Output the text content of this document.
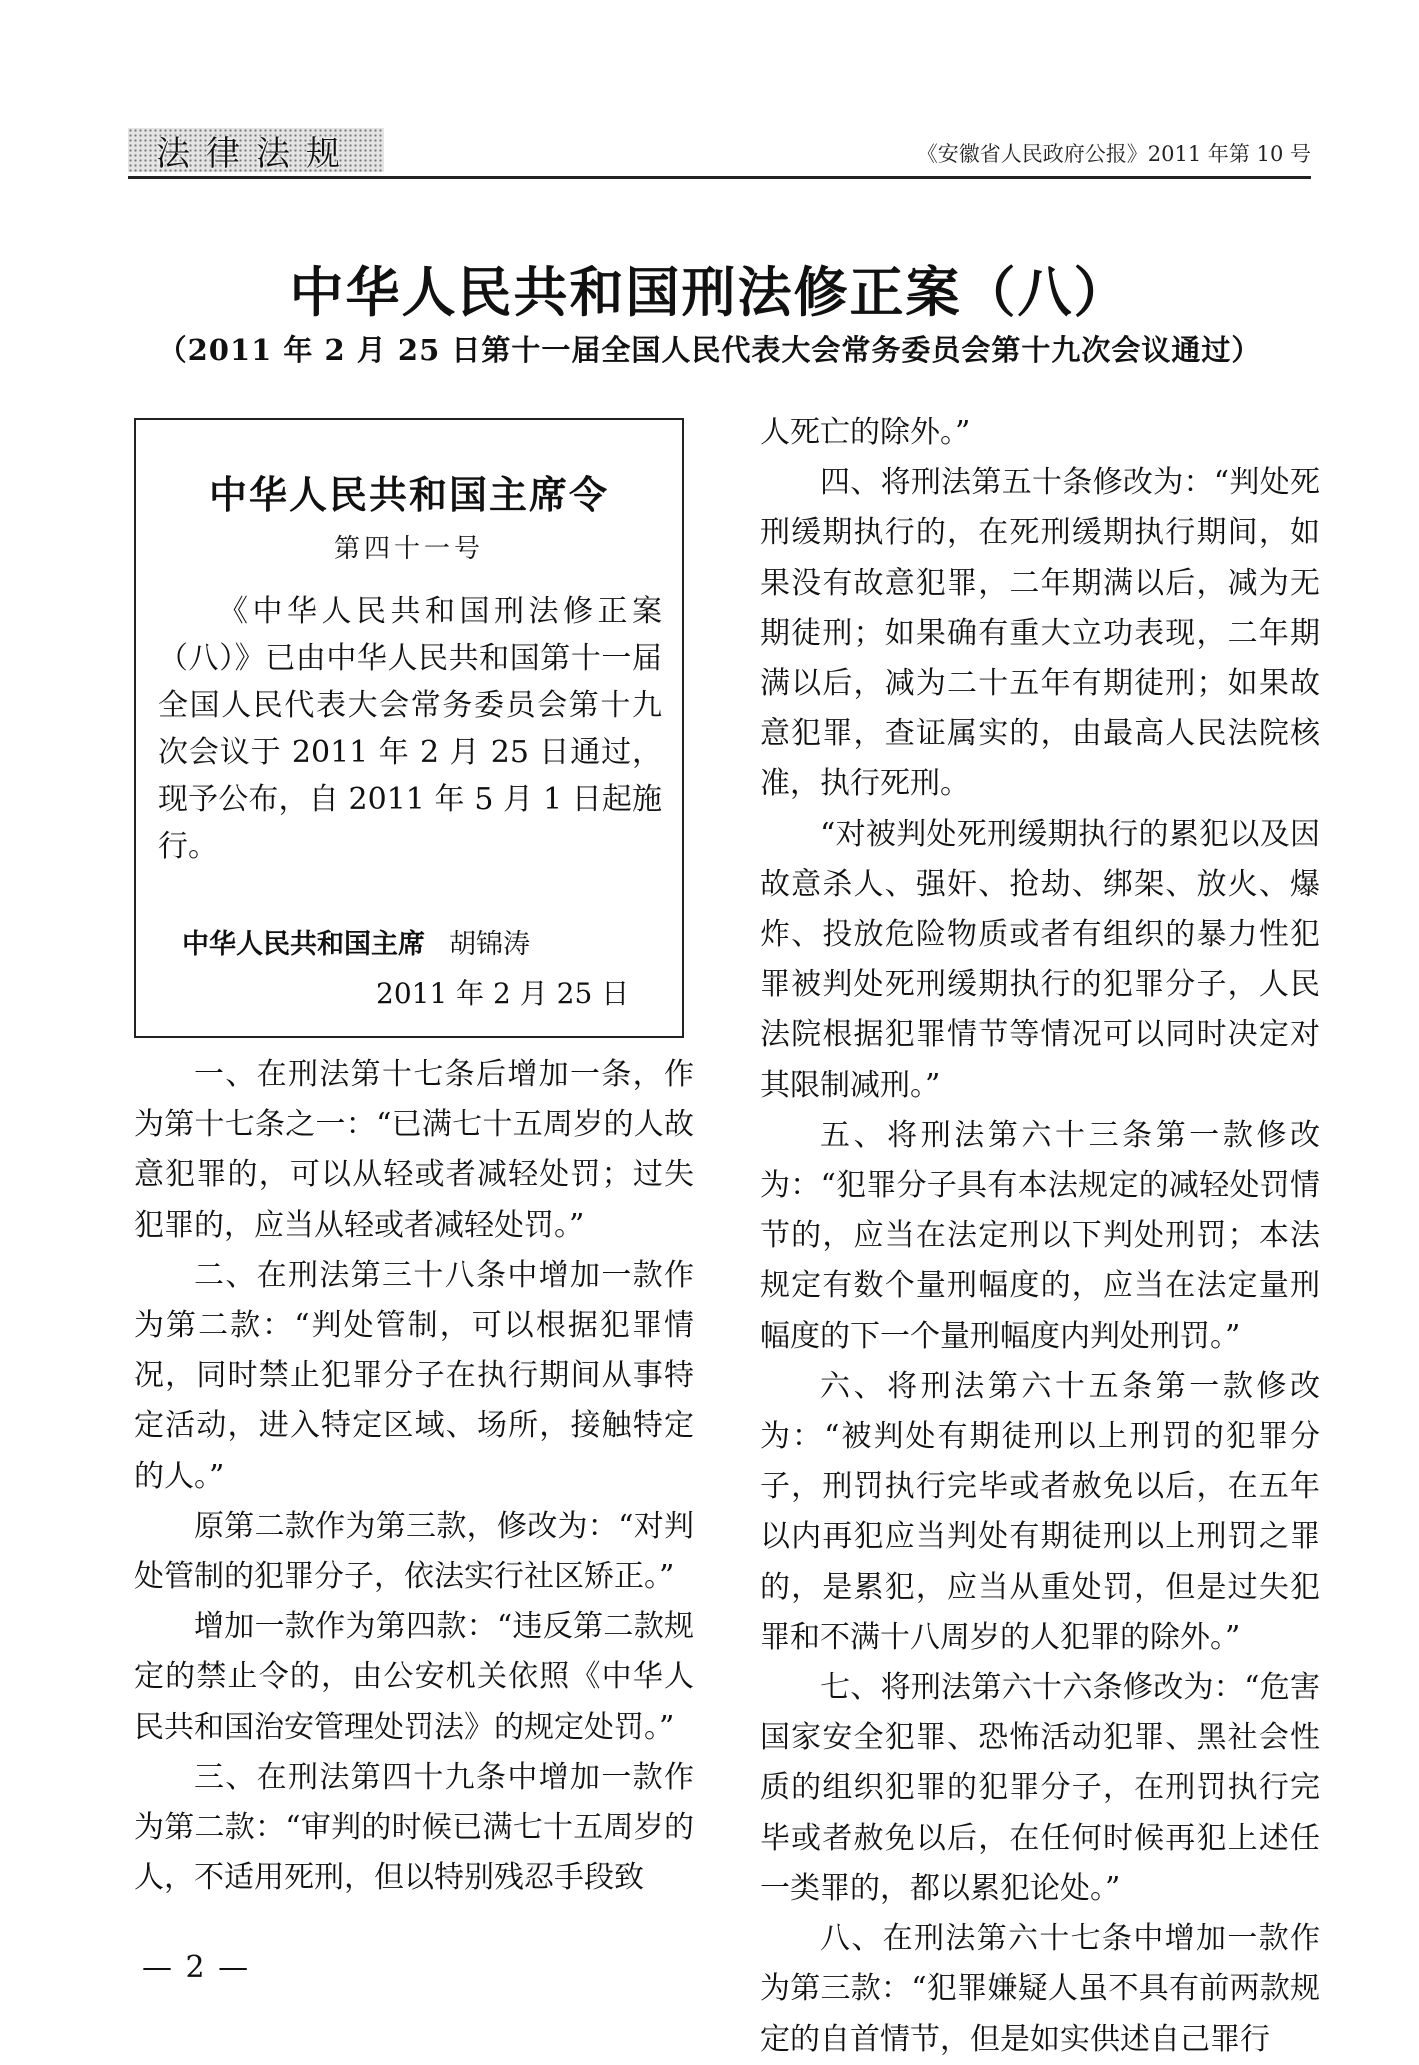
法律法规	《安徽省人民政府公报》2011 年第 10 号
中华人民共和国刑法修正案（八）
（2011 年 2 月 25 日第十一届全国人民代表大会常务委员会第十九次会议通过）
中华人民共和国主席令
第四十一号

《中华人民共和国刑法修正案（八）》已由中华人民共和国第十一届全国人民代表大会常务委员会第十九次会议于 2011 年 2 月 25 日通过，现予公布，自 2011 年 5 月 1 日起施行。

中华人民共和国主席 胡锦涛
2011 年 2 月 25 日

一、在刑法第十七条后增加一条，作为第十七条之一：“已满七十五周岁的人故意犯罪的，可以从轻或者减轻处罚；过失犯罪的，应当从轻或者减轻处罚。”

二、在刑法第三十八条中增加一款作为第二款：“判处管制，可以根据犯罪情况，同时禁止犯罪分子在执行期间从事特定活动，进入特定区域、场所，接触特定的人。”

原第二款作为第三款，修改为：“对判处管制的犯罪分子，依法实行社区矫正。”

增加一款作为第四款：“违反第二款规定的禁止令的，由公安机关依照《中华人民共和国治安管理处罚法》的规定处罚。”

三、在刑法第四十九条中增加一款作为第二款：“审判的时候已满七十五周岁的人，不适用死刑，但以特别残忍手段致

人死亡的除外。”

四、将刑法第五十条修改为：“判处死刑缓期执行的，在死刑缓期执行期间，如果没有故意犯罪，二年期满以后，减为无期徒刑；如果确有重大立功表现，二年期满以后，减为二十五年有期徒刑；如果故意犯罪，查证属实的，由最高人民法院核准，执行死刑。

“对被判处死刑缓期执行的累犯以及因故意杀人、强奸、抢劫、绑架、放火、爆炸、投放危险物质或者有组织的暴力性犯罪被判处死刑缓期执行的犯罪分子，人民法院根据犯罪情节等情况可以同时决定对其限制减刑。”

五、将刑法第六十三条第一款修改为：“犯罪分子具有本法规定的减轻处罚情节的，应当在法定刑以下判处刑罚；本法规定有数个量刑幅度的，应当在法定量刑幅度的下一个量刑幅度内判处刑罚。”

六、将刑法第六十五条第一款修改为：“被判处有期徒刑以上刑罚的犯罪分子，刑罚执行完毕或者赦免以后，在五年以内再犯应当判处有期徒刑以上刑罚之罪的，是累犯，应当从重处罚，但是过失犯罪和不满十八周岁的人犯罪的除外。”

七、将刑法第六十六条修改为：“危害国家安全犯罪、恐怖活动犯罪、黑社会性质的组织犯罪的犯罪分子，在刑罚执行完毕或者赦免以后，在任何时候再犯上述任一类罪的，都以累犯论处。”

八、在刑法第六十七条中增加一款作为第三款：“犯罪嫌疑人虽不具有前两款规定的自首情节，但是如实供述自己罪行

— 2 —
